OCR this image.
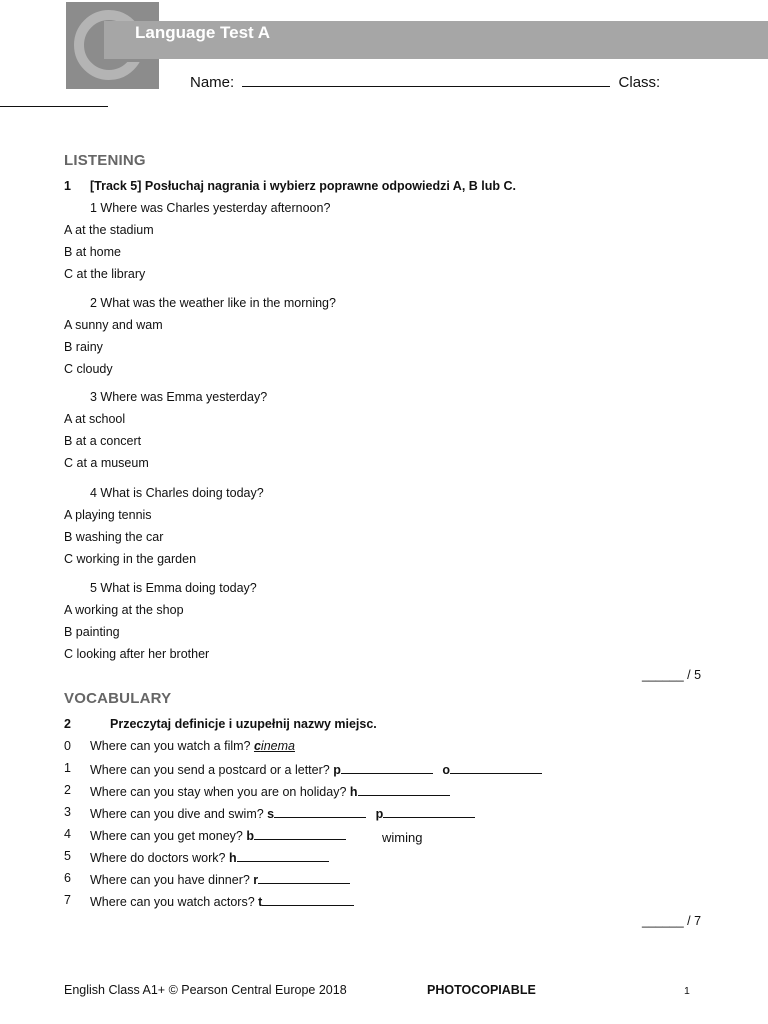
Language Test A
Name:	Class:
LISTENING
1 [Track 5] Posłuchaj nagrania i wybierz poprawne odpowiedzi A, B lub C.
1 Where was Charles yesterday afternoon?
A at the stadium
B at home
C at the library
2 What was the weather like in the morning?
A sunny and wam
B rainy
C cloudy
3 Where was Emma yesterday?
A at school
B at a concert
C at a museum
4 What is Charles doing today?
A playing tennis
B washing the car
C working in the garden
5 What is Emma doing today?
A working at the shop
B painting
C looking after her brother
______ / 5
VOCABULARY
2	Przeczytaj definicje i uzupełnij nazwy miejsc.
0 Where can you watch a film? cinema
1 Where can you send a postcard or a letter? p	o
2 Where can you stay when you are on holiday? h
3 Where can you dive and swim? s	p
4 Where can you get money? b	wiming
5 Where do doctors work? h
6 Where can you have dinner? r
7 Where can you watch actors? t
______ / 7
English Class A1+ © Pearson Central Europe 2018	PHOTOCOPIABLE	1
